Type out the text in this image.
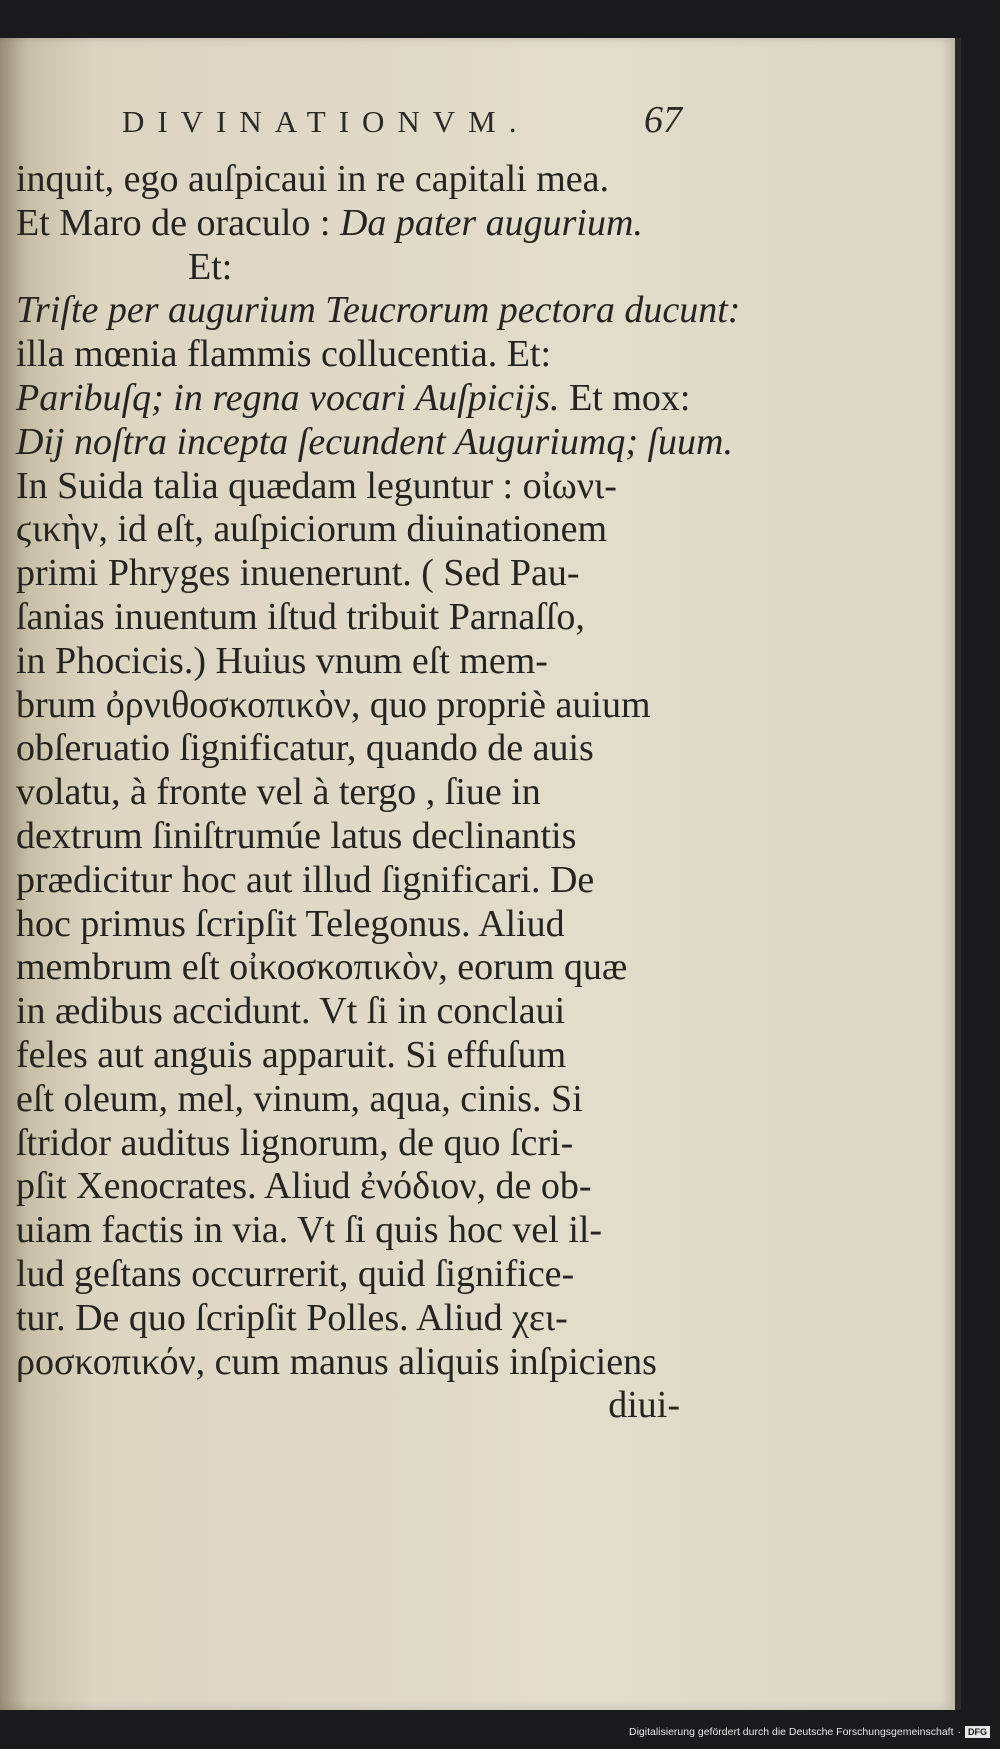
DIVINATIONVM.	67
inquit, ego auſpicaui in re capitali mea.
Et Maro de oraculo : Da pater augurium.
Et:
Triſte per augurium Teucrorum pectora ducunt:
illa mœnia flammis collucentia. Et:
Paribuſq; in regna vocari Auſpicijs. Et mox:
Dij noſtra incepta ſecundent Auguriumq; ſuum.
In Suida talia quædam leguntur : οἰωνι-
ϛικὴν, id eſt, auſpiciorum diuinationem
primi Phryges inuenerunt. ( Sed Pau-
ſanias inuentum iſtud tribuit Parnaſſo,
in Phocicis.) Huius vnum eſt mem-
brum ὀρνιθοσκοπικὸν, quo propriè auium
obſeruatio ſignificatur, quando de auis
volatu, à fronte vel à tergo , ſiue in
dextrum ſiniſtrumúe latus declinantis
prædicitur hoc aut illud ſignificari. De
hoc primus ſcripſit Telegonus. Aliud
membrum eſt οἰκοσκοπικὸν, eorum quæ
in ædibus accidunt. Vt ſi in conclaui
feles aut anguis apparuit. Si effuſum
eſt oleum, mel, vinum, aqua, cinis. Si
ſtridor auditus lignorum, de quo ſcri-
pſit Xenocrates. Aliud ἐνόδιον, de ob-
uiam factis in via. Vt ſi quis hoc vel il-
lud geſtans occurrerit, quid ſignifice-
tur. De quo ſcripſit Polles. Aliud χει-
ροσκοπικόν, cum manus aliquis inſpiciens
diui-
Digitalisierung gefördert durch die Deutsche Forschungsgemeinschaft · DFG
